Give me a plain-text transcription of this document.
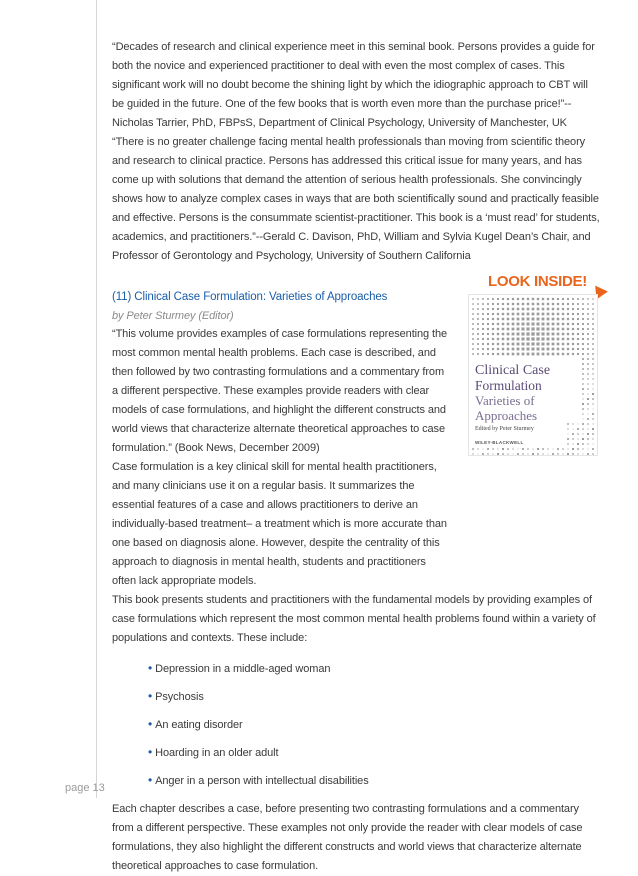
“Decades of research and clinical experience meet in this seminal book. Persons provides a guide for both the novice and experienced practitioner to deal with even the most complex of cases. This significant work will no doubt become the shining light by which the idiographic approach to CBT will be guided in the future. One of the few books that is worth even more than the purchase price!”--Nicholas Tarrier, PhD, FBPsS, Department of Clinical Psychology, University of Manchester, UK

“There is no greater challenge facing mental health professionals than moving from scientific theory and research to clinical practice. Persons has addressed this critical issue for many years, and has come up with solutions that demand the attention of serious health professionals. She convincingly shows how to analyze complex cases in ways that are both scientifically sound and practically feasible and effective. Persons is the consummate scientist-practitioner. This book is a ‘must read’ for students, academics, and practitioners.”--Gerald C. Davison, PhD, William and Sylvia Kugel Dean’s Chair, and Professor of Gerontology and Psychology, University of Southern California

(11) Clinical Case Formulation: Varieties of Approaches
by Peter Sturmey (Editor)

“This volume provides examples of case formulations representing the most common mental health problems. Each case is described, and then followed by two contrasting formulations and a commentary from a different perspective. These examples provide readers with clear models of case formulations, and highlight the different constructs and world views that characterize alternate theoretical approaches to case formulation.” (Book News, December 2009)

Case formulation is a key clinical skill for mental health practitioners, and many clinicians use it on a regular basis. It summarizes the essential features of a case and allows practitioners to derive an individually-based treatment– a treatment which is more accurate than one based on diagnosis alone. However, despite the centrality of this approach to diagnosis in mental health, students and practitioners often lack appropriate models.

This book presents students and practitioners with the fundamental models by providing examples of case formulations which represent the most common mental health problems found within a variety of populations and contexts. These include:

• Depression in a middle-aged woman
• Psychosis
• An eating disorder
• Hoarding in an older adult
• Anger in a person with intellectual disabilities

Each chapter describes a case, before presenting two contrasting formulations and a commentary from a different perspective. These examples not only provide the reader with clear models of case formulations, they also highlight the different constructs and world views that characterize alternate theoretical approaches to case formulation.

LOOK INSIDE!
Clinical Case
Formulation
Varieties of
Approaches
Edited by Peter Sturmey
WILEY-BLACKWELL
page 13
